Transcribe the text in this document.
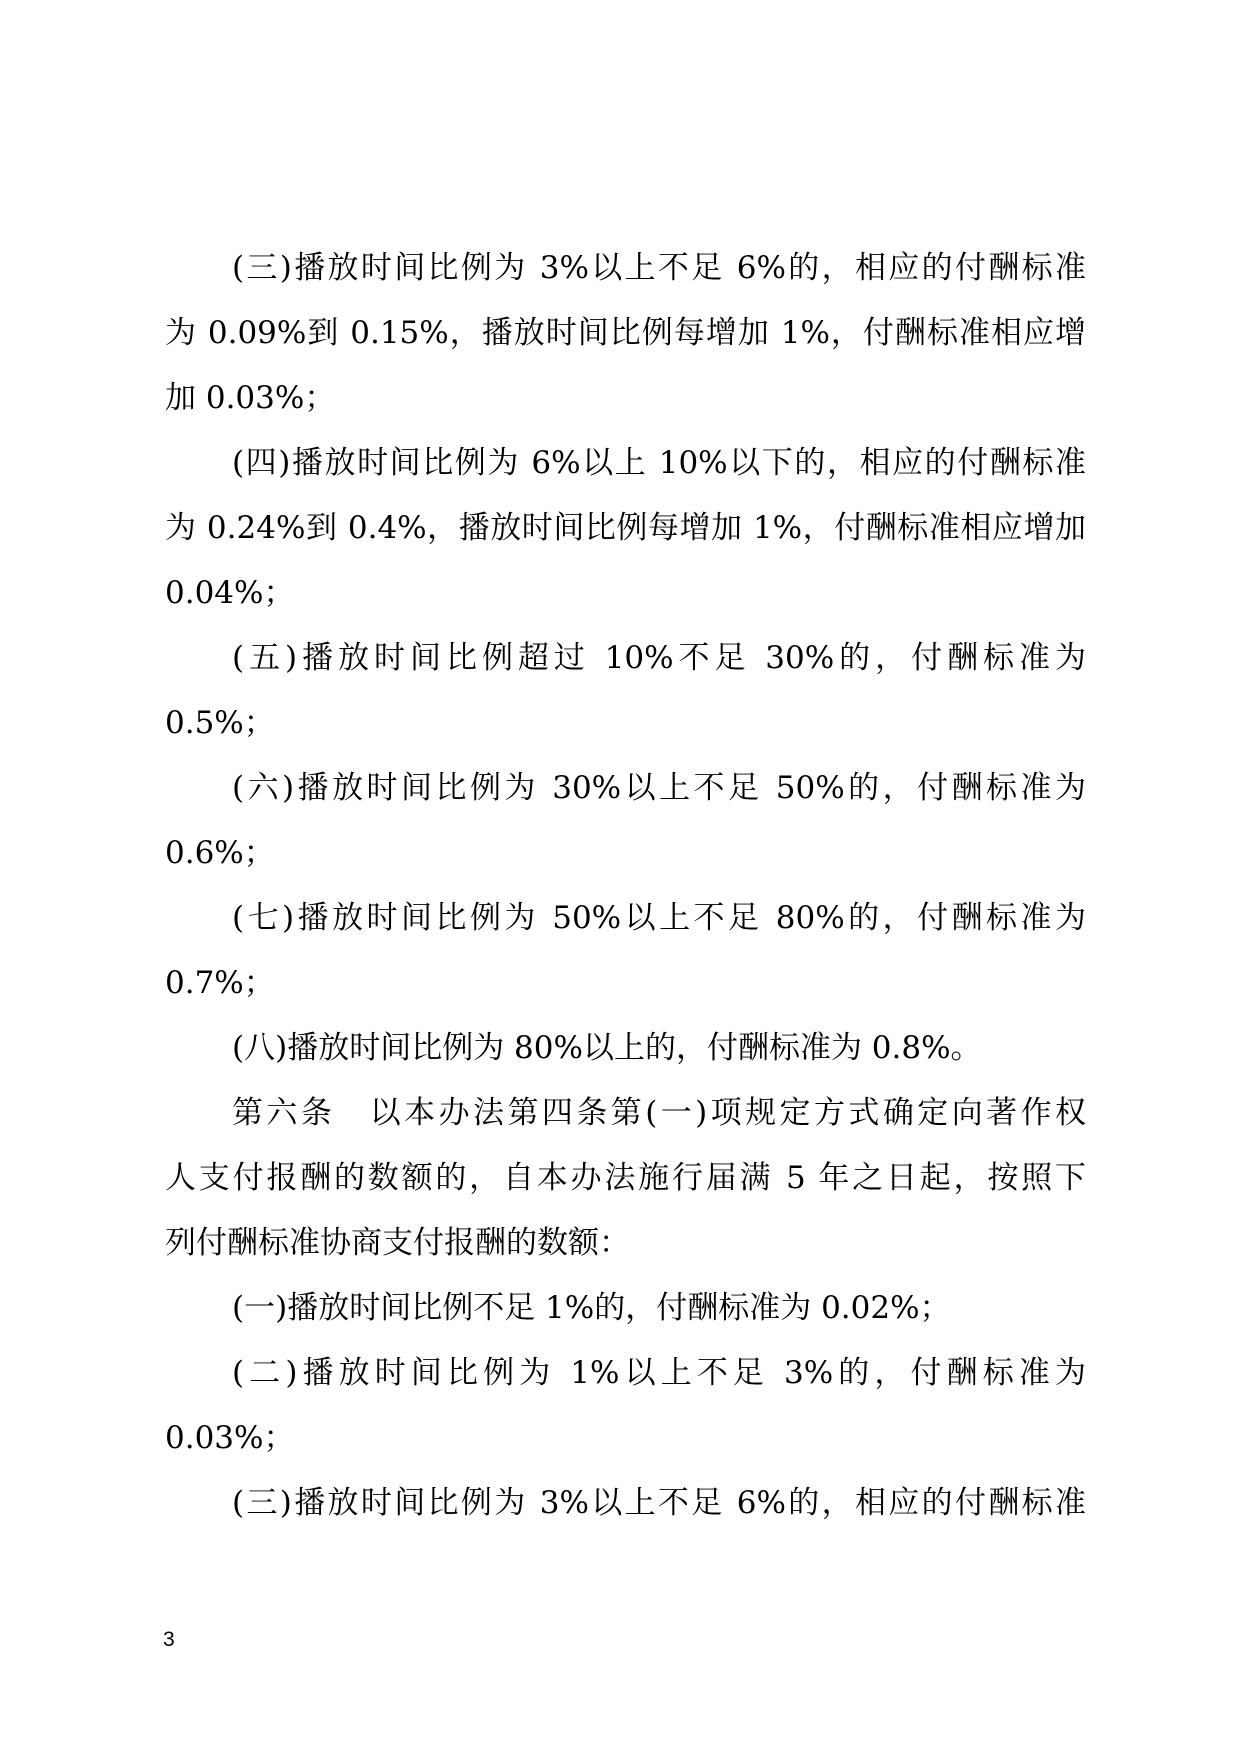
(三)播放时间比例为 3%以上不足 6%的，相应的付酬标准
为 0.09%到 0.15%，播放时间比例每增加 1%，付酬标准相应增
加 0.03%；
(四)播放时间比例为 6%以上 10%以下的，相应的付酬标准
为 0.24%到 0.4%，播放时间比例每增加 1%，付酬标准相应增加
0.04%；
(五)播放时间比例超过 10%不足 30%的，付酬标准为
0.5%；
(六)播放时间比例为 30%以上不足 50%的，付酬标准为
0.6%；
(七)播放时间比例为 50%以上不足 80%的，付酬标准为
0.7%；
(八)播放时间比例为 80%以上的，付酬标准为 0.8%。
第六条　以本办法第四条第(一)项规定方式确定向著作权
人支付报酬的数额的，自本办法施行届满 5 年之日起，按照下
列付酬标准协商支付报酬的数额：
(一)播放时间比例不足 1%的，付酬标准为 0.02%；
(二)播放时间比例为 1%以上不足 3%的，付酬标准为
0.03%；
(三)播放时间比例为 3%以上不足 6%的，相应的付酬标准
3
